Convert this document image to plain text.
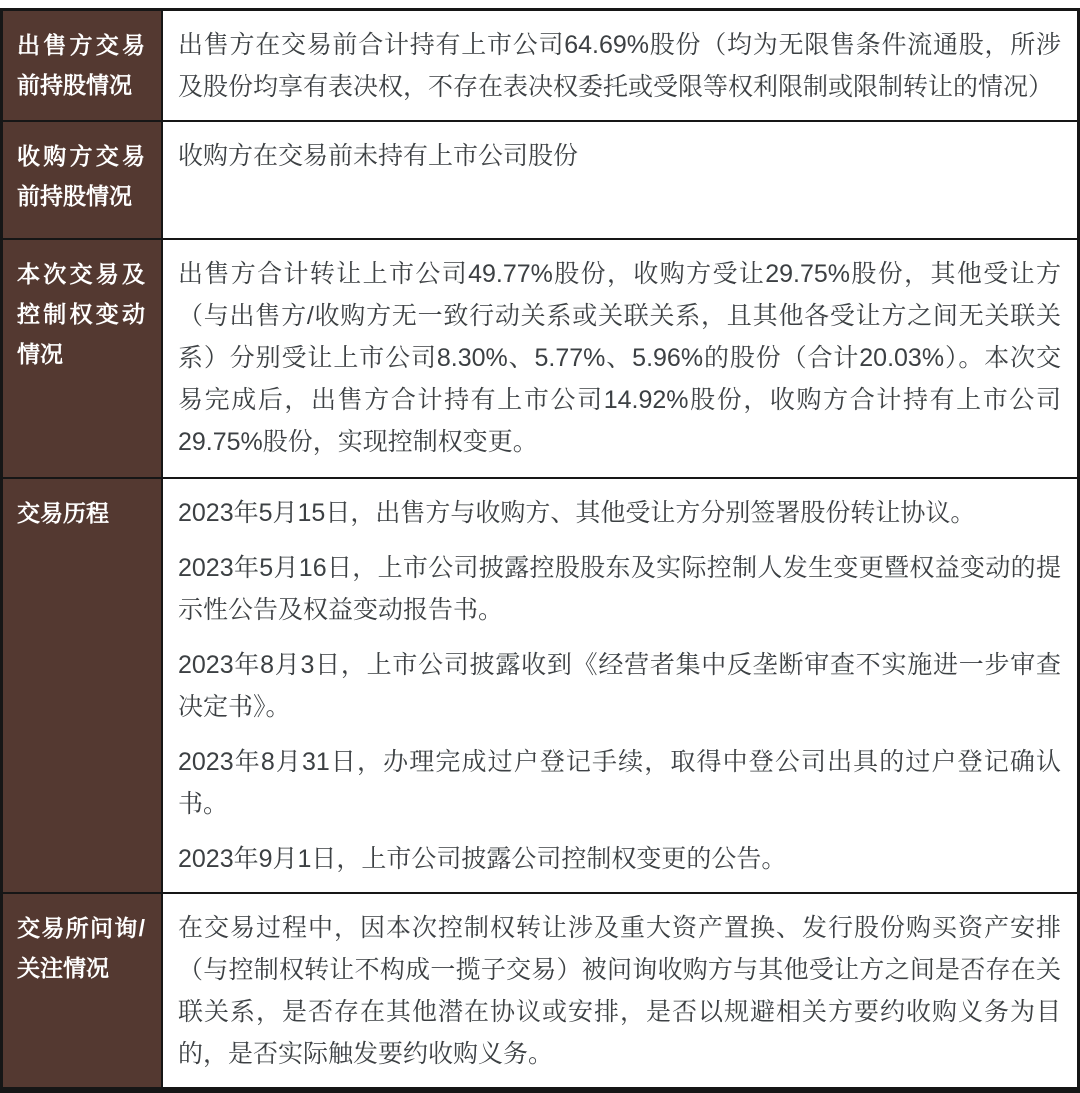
出售方交易前持股情况

出售方在交易前合计持有上市公司64.69%股份（均为无限售条件流通股，所涉及股份均享有表决权，不存在表决权委托或受限等权利限制或限制转让的情况）

收购方交易前持股情况

收购方在交易前未持有上市公司股份

本次交易及控制权变动情况

出售方合计转让上市公司49.77%股份，收购方受让29.75%股份，其他受让方（与出售方/收购方无一致行动关系或关联关系，且其他各受让方之间无关联关系）分别受让上市公司8.30%、5.77%、5.96%的股份（合计20.03%）。本次交易完成后，出售方合计持有上市公司14.92%股份，收购方合计持有上市公司29.75%股份，实现控制权变更。

交易历程	2023年5月15日，出售方与收购方、其他受让方分别签署股份转让协议。

2023年5月16日，上市公司披露控股股东及实际控制人发生变更暨权益变动的提示性公告及权益变动报告书。

2023年8月3日，上市公司披露收到《经营者集中反垄断审查不实施进一步审查决定书》。

2023年8月31日，办理完成过户登记手续，取得中登公司出具的过户登记确认书。

2023年9月1日，上市公司披露公司控制权变更的公告。

交易所问询/关注情况

在交易过程中，因本次控制权转让涉及重大资产置换、发行股份购买资产安排（与控制权转让不构成一揽子交易）被问询收购方与其他受让方之间是否存在关联关系，是否存在其他潜在协议或安排，是否以规避相关方要约收购义务为目的，是否实际触发要约收购义务。
